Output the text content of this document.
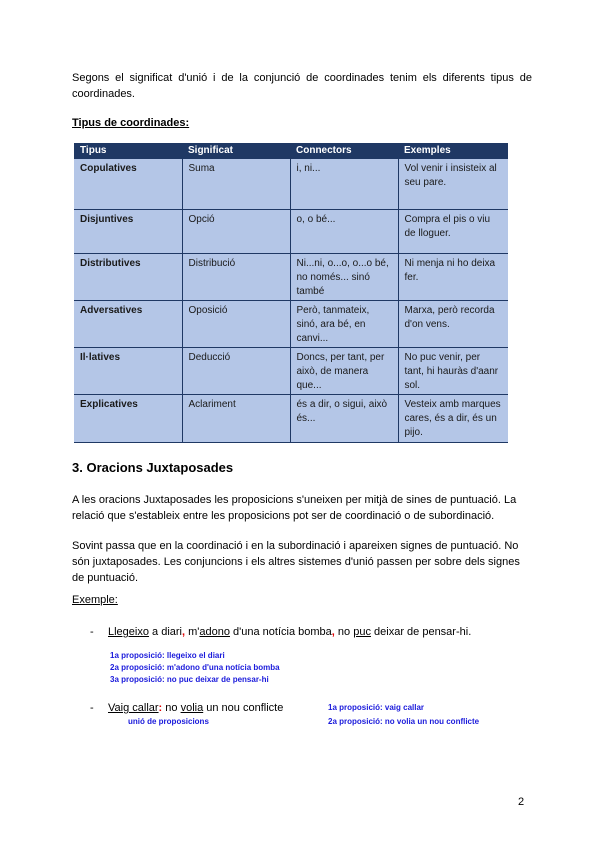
Segons el significat d'unió i de la conjunció de coordinades tenim els diferents tipus de coordinades.
Tipus de coordinades:
Tipus	Significat	Connectors	Exemples
Copulatives	Suma	i, ni...	Vol venir i insisteix al seu pare.
Disjuntives	Opció	o, o bé...	Compra el pis o viu de lloguer.
Distributives	Distribució	Ni...ni, o...o, o...o bé, no només... sinó també	Ni menja ni ho deixa fer.
Adversatives	Oposició	Però, tanmateix, sinó, ara bé, en canvi...	Marxa, però recorda d'on vens.
Il·latives	Deducció	Doncs, per tant, per això, de manera que...	No puc venir, per tant, hi hauràs d'aanr sol.
Explicatives	Aclariment	és a dir, o sigui, això és...	Vesteix amb marques cares, és a dir, és un pijo.
3. Oracions Juxtaposades
A les oracions Juxtaposades les proposicions s'uneixen per mitjà de sines de puntuació. La relació que s'estableix entre les proposicions pot ser de coordinació o de subordinació.
Sovint passa que en la coordinació i en la subordinació i apareixen signes de puntuació. No són juxtaposades. Les conjuncions i els altres sistemes d'unió passen per sobre dels signes de puntuació.
Exemple:
- Llegeixo a diari, m'adono d'una notícia bomba, no puc deixar de pensar-hi.
1a proposició: llegeixo el diari
2a proposició: m'adono d'una notícia bomba
3a proposició: no puc deixar de pensar-hi
- Vaig callar: no volia un nou conflicte
unió de proposicions
1a proposició: vaig callar
2a proposició: no volia un nou conflicte
2
